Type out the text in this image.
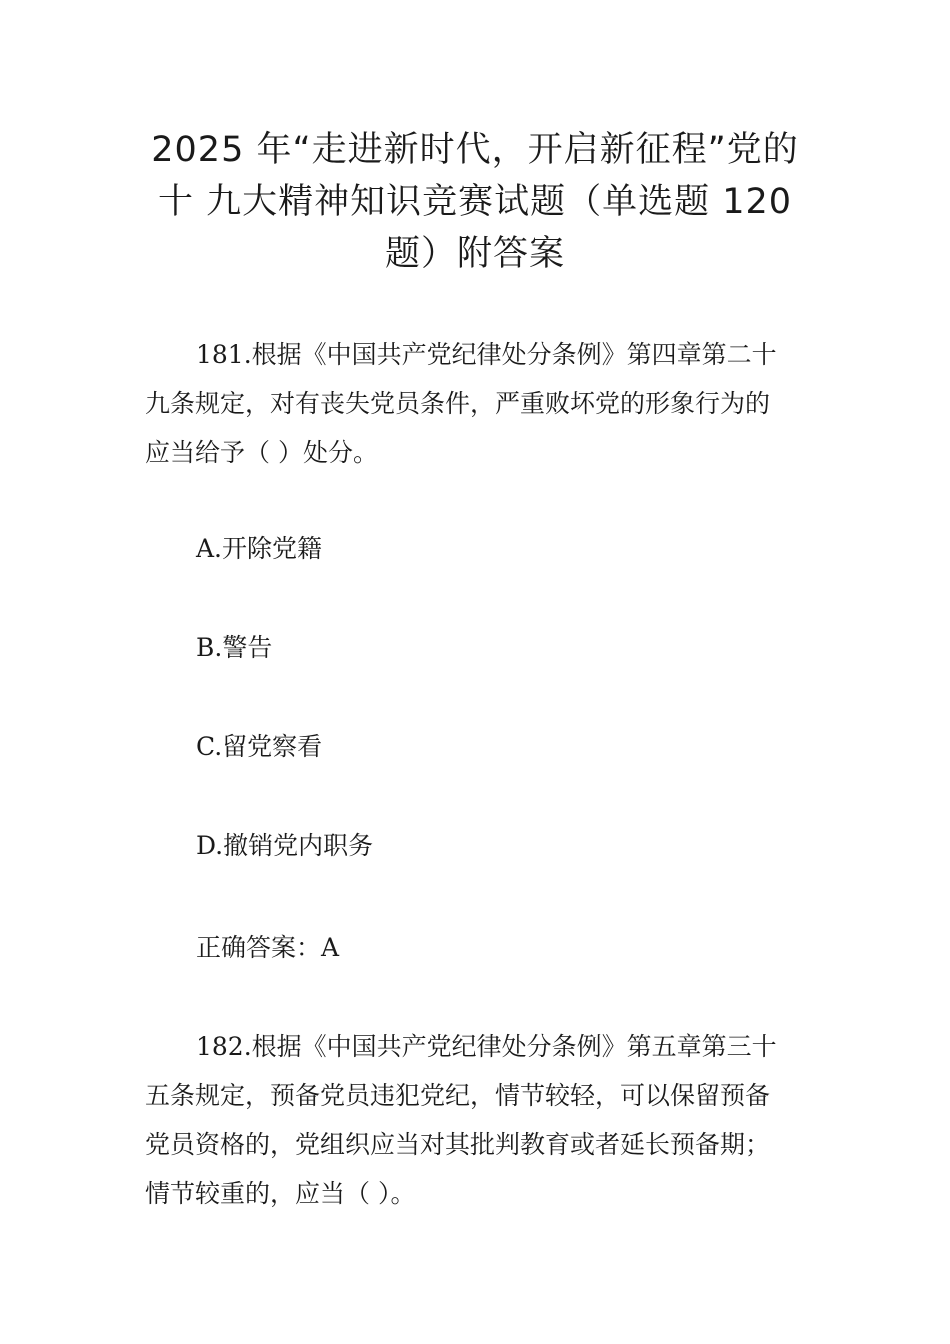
2025 年“走进新时代，开启新征程”党的
十 九大精神知识竞赛试题（单选题 120
题）附答案
181.根据《中国共产党纪律处分条例》第四章第二十
九条规定，对有丧失党员条件，严重败坏党的形象行为的
应当给予（ ）处分。
A.开除党籍
B.警告
C.留党察看
D.撤销党内职务
正确答案：A
182.根据《中国共产党纪律处分条例》第五章第三十
五条规定，预备党员违犯党纪，情节较轻，可以保留预备
党员资格的，党组织应当对其批判教育或者延长预备期；
情节较重的，应当（ ）。
